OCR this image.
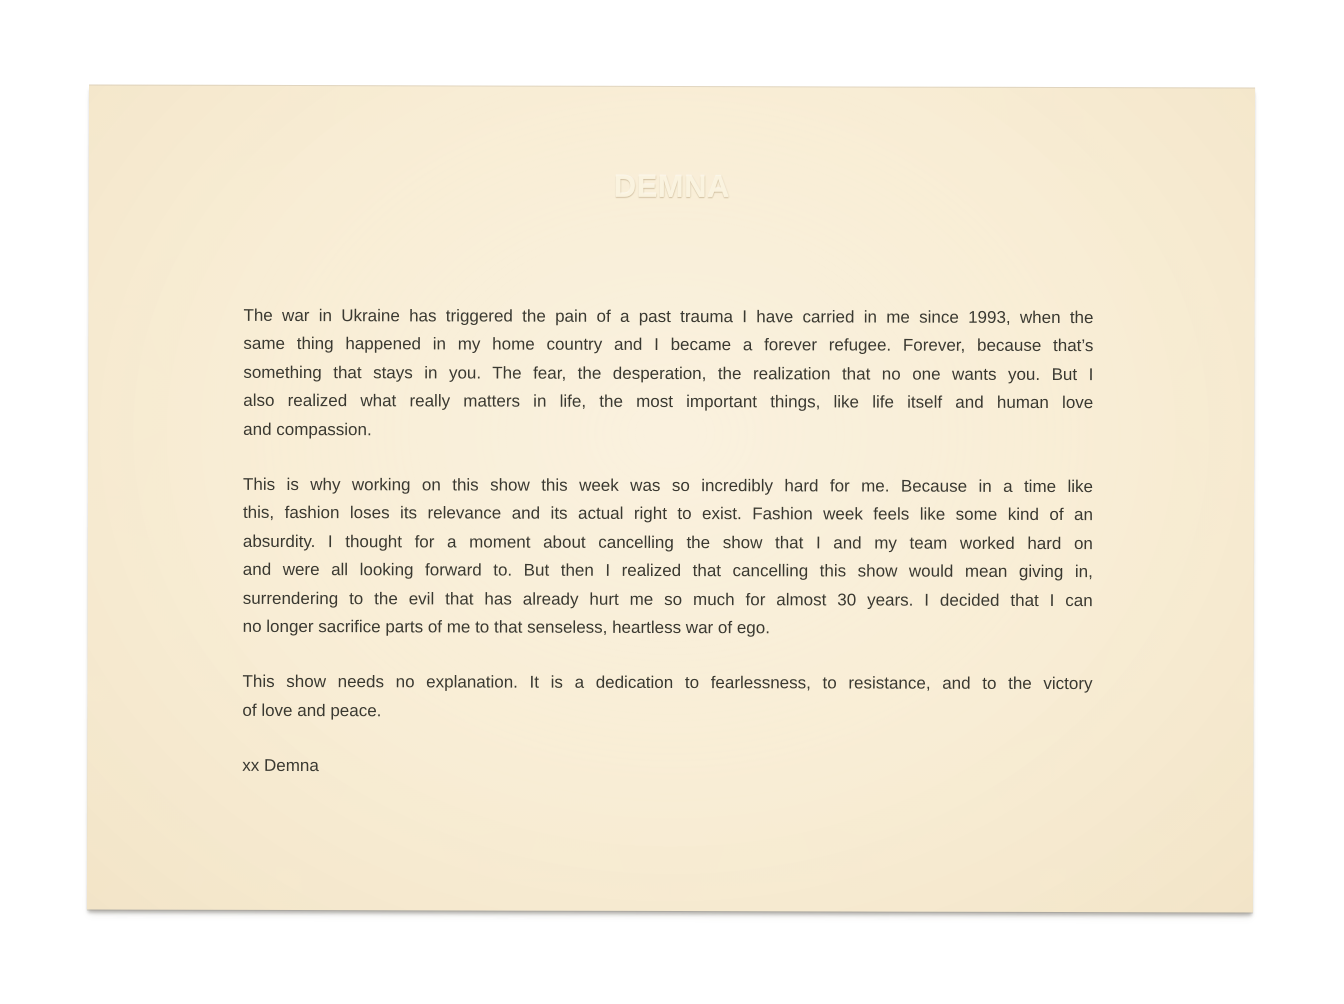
DEMNA
The war in Ukraine has triggered the pain of a past trauma I have carried in me since 1993, when the
same thing happened in my home country and I became a forever refugee. Forever, because that’s
something that stays in you. The fear, the desperation, the realization that no one wants you. But I
also realized what really matters in life, the most important things, like life itself and human love
and compassion.
This is why working on this show this week was so incredibly hard for me. Because in a time like
this, fashion loses its relevance and its actual right to exist. Fashion week feels like some kind of an
absurdity. I thought for a moment about cancelling the show that I and my team worked hard on
and were all looking forward to. But then I realized that cancelling this show would mean giving in,
surrendering to the evil that has already hurt me so much for almost 30 years. I decided that I can
no longer sacrifice parts of me to that senseless, heartless war of ego.
This show needs no explanation. It is a dedication to fearlessness, to resistance, and to the victory
of love and peace.
xx Demna
